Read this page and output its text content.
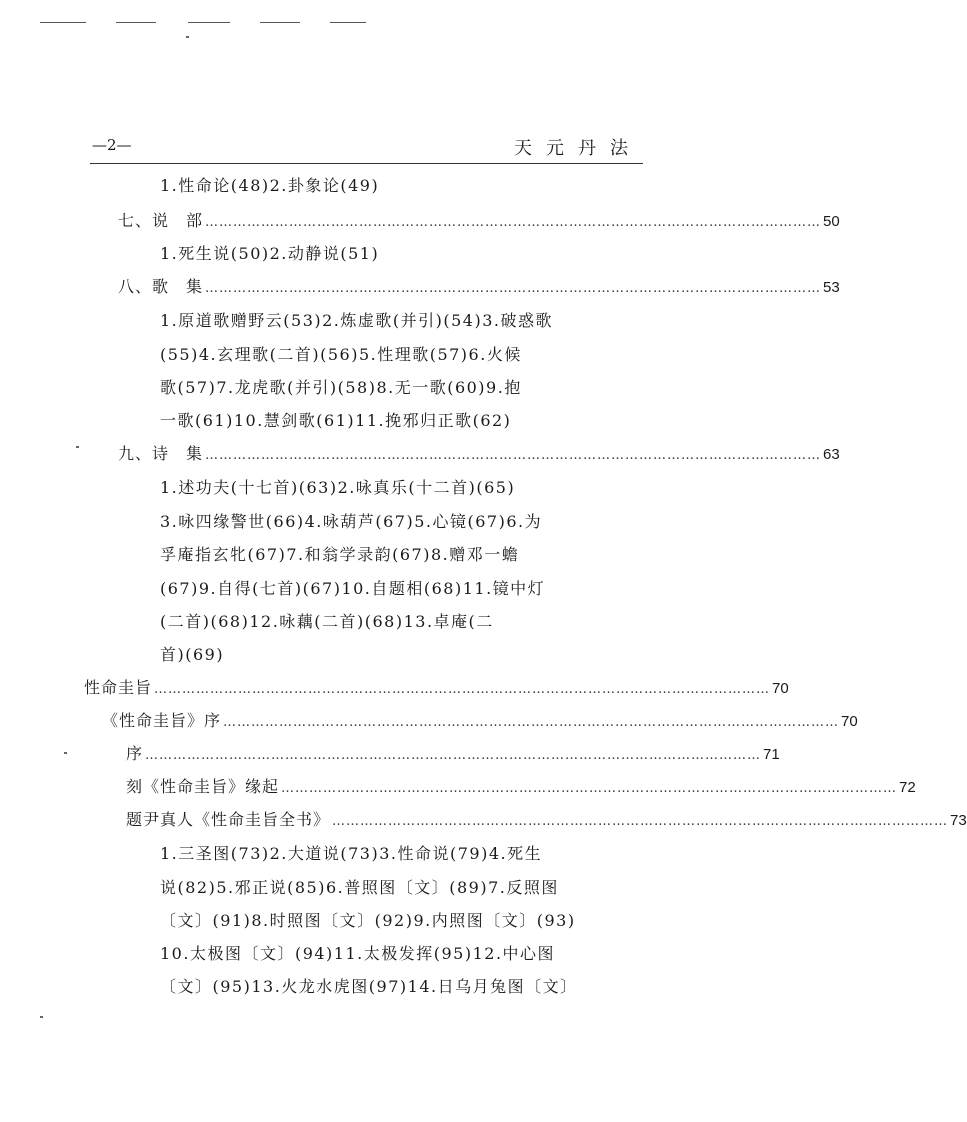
—2—	天元丹法
1.性命论(48)2.卦象论(49)
七、说　部 …………………………………………………………………………………………………………………… 50
1.死生说(50)2.动静说(51)
八、歌　集 …………………………………………………………………………………………………………………… 53
1.原道歌赠野云(53)2.炼虚歌(并引)(54)3.破惑歌
(55)4.玄理歌(二首)(56)5.性理歌(57)6.火候
歌(57)7.龙虎歌(并引)(58)8.无一歌(60)9.抱
一歌(61)10.慧剑歌(61)11.挽邪归正歌(62)
九、诗　集 …………………………………………………………………………………………………………………… 63
1.述功夫(十七首)(63)2.咏真乐(十二首)(65)
3.咏四缘警世(66)4.咏葫芦(67)5.心镜(67)6.为
孚庵指玄牝(67)7.和翁学录韵(67)8.赠邓一蟾
(67)9.自得(七首)(67)10.自题相(68)11.镜中灯
(二首)(68)12.咏藕(二首)(68)13.卓庵(二
首)(69)
性命圭旨 …………………………………………………………………………………………………………………… 70
《性命圭旨》序 …………………………………………………………………………………………………………………… 70
序 …………………………………………………………………………………………………………………… 71
刻《性命圭旨》缘起 …………………………………………………………………………………………………………………… 72
题尹真人《性命圭旨全书》 …………………………………………………………………………………………………………………… 73
1.三圣图(73)2.大道说(73)3.性命说(79)4.死生
说(82)5.邪正说(85)6.普照图〔文〕(89)7.反照图
〔文〕(91)8.时照图〔文〕(92)9.内照图〔文〕(93)
10.太极图〔文〕(94)11.太极发挥(95)12.中心图
〔文〕(95)13.火龙水虎图(97)14.日乌月兔图〔文〕
